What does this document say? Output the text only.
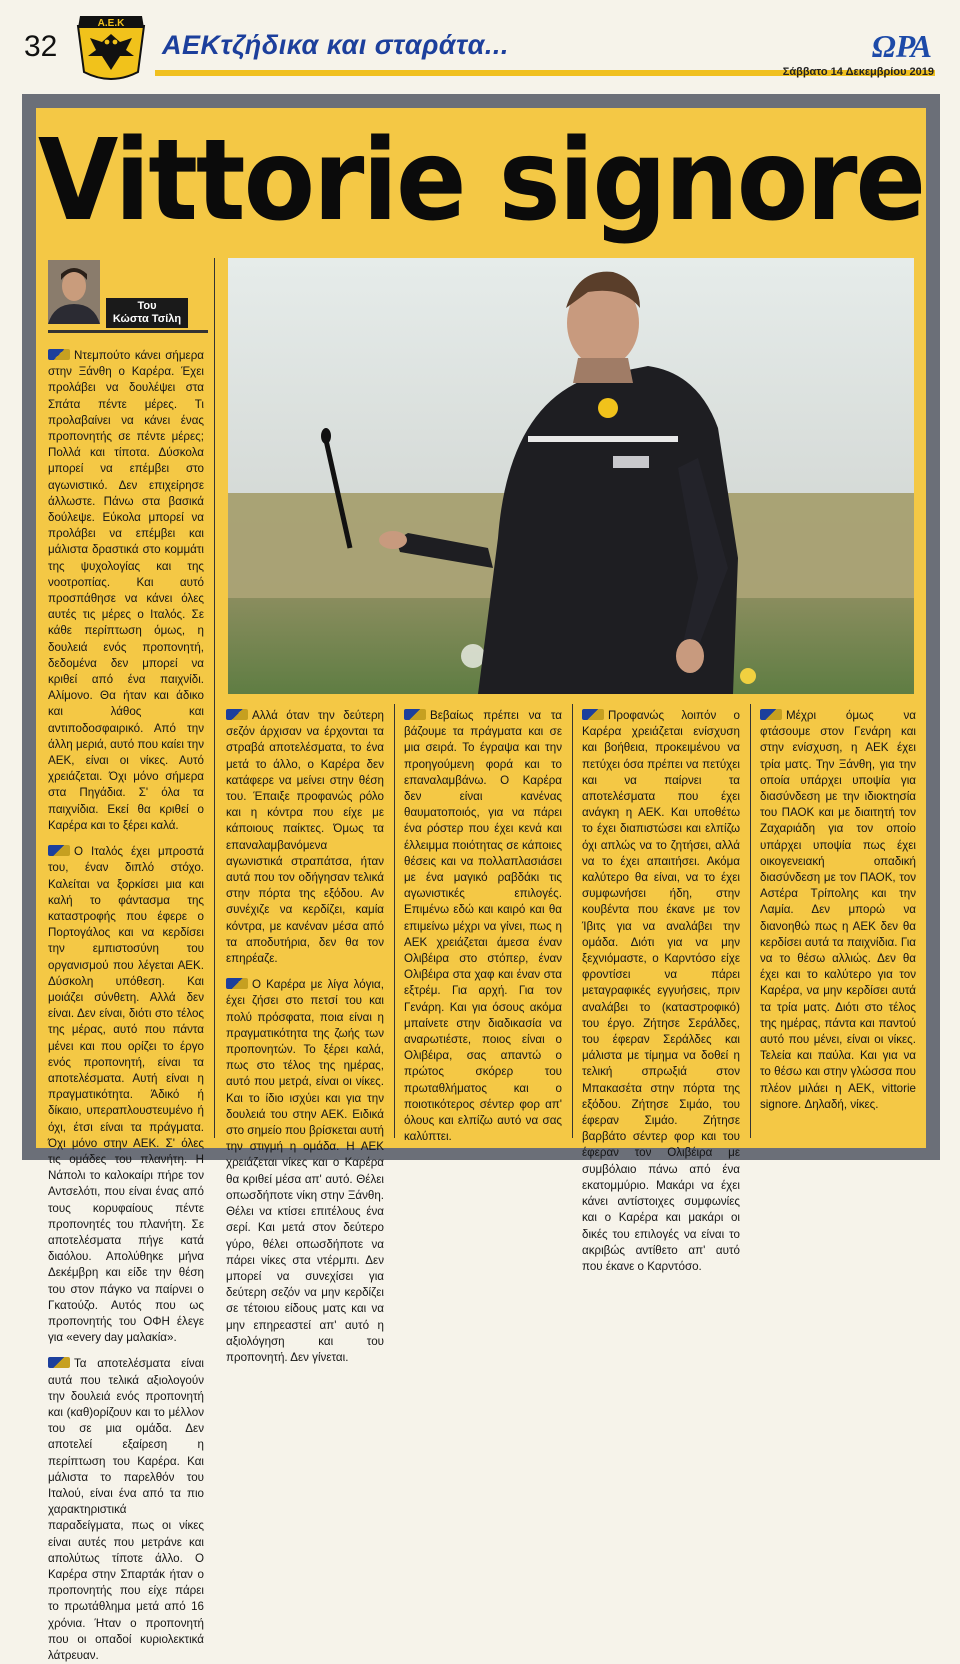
32
Α.Ε.Κ
ΑΕΚτζήδικα και σταράτα...	ΩΡΑ
Σάββατο 14 Δεκεμβρίου 2019
Vittorie signore
Του
Κώστα Τσίλη

Ντεμπούτο κάνει σήμερα στην Ξάνθη ο Καρέρα. Έχει προλάβει να δουλέψει στα Σπάτα πέντε μέρες. Τι προλαβαίνει να κάνει ένας προπονητής σε πέντε μέρες; Πολλά και τίποτα. Δύσκολα μπορεί να επέμβει στο αγωνιστικό. Δεν επιχείρησε άλλωστε. Πάνω στα βασικά δούλεψε. Εύκολα μπορεί να προλάβει να επέμβει και μάλιστα δραστικά στο κομμάτι της ψυχολογίας και της νοοτροπίας. Και αυτό προσπάθησε να κάνει όλες αυτές τις μέρες ο Ιταλός. Σε κάθε περίπτωση όμως, η δουλειά ενός προπονητή, δεδομένα δεν μπορεί να κριθεί από ένα παιχνίδι. Αλίμονο. Θα ήταν και άδικο και λάθος και αντιποδοσφαιρικό. Από την άλλη μεριά, αυτό που καίει την ΑΕΚ, είναι οι νίκες. Αυτό χρειάζεται. Όχι μόνο σήμερα στα Πηγάδια. Σ' όλα τα παιχνίδια. Εκεί θα κριθεί ο Καρέρα και το ξέρει καλά.

Ο Ιταλός έχει μπροστά του, έναν διπλό στόχο. Καλείται να ξορκίσει μια και καλή το φάντασμα της καταστροφής που έφερε ο Πορτογάλος και να κερδίσει την εμπιστοσύνη του οργανισμού που λέγεται ΑΕΚ. Δύσκολη υπόθεση. Και μοιάζει σύνθετη. Αλλά δεν είναι. Δεν είναι, διότι στο τέλος της μέρας, αυτό που πάντα μένει και που ορίζει το έργο ενός προπονητή, είναι τα αποτελέσματα. Αυτή είναι η πραγματικότητα. Άδικό ή δίκαιο, υπεραπλουστευμένο ή όχι, έτσι είναι τα πράγματα. Όχι μόνο στην ΑΕΚ. Σ' όλες τις ομάδες του πλανήτη. Η Νάπολι το καλοκαίρι πήρε τον Αντσελότι, που είναι ένας από τους κορυφαίους πέντε προπονητές του πλανήτη. Σε αποτελέσματα πήγε κατά διαόλου. Απολύθηκε μήνα Δεκέμβρη και είδε την θέση του στον πάγκο να παίρνει ο Γκατούζο. Αυτός που ως προπονητής του ΟΦΗ έλεγε για «every day μαλακία».

Τα αποτελέσματα είναι αυτά που τελικά αξιολογούν την δουλειά ενός προπονητή και (καθ)ορίζουν και το μέλλον του σε μια ομάδα. Δεν αποτελεί εξαίρεση η περίπτωση του Καρέρα. Και μάλιστα το παρελθόν του Ιταλού, είναι ένα από τα πιο χαρακτηριστικά παραδείγματα, πως οι νίκες είναι αυτές που μετράνε και απολύτως τίποτε άλλο. Ο Καρέρα στην Σπαρτάκ ήταν ο προπονητής που είχε πάρει το πρωτάθλημα μετά από 16 χρόνια. Ήταν ο προπονητή που οι οπαδοί κυριολεκτικά λάτρευαν.

Αλλά όταν την δεύτερη σεζόν άρχισαν να έρχονται τα στραβά αποτελέσματα, το ένα μετά το άλλο, ο Καρέρα δεν κατάφερε να μείνει στην θέση του. Έπαιξε προφανώς ρόλο και η κόντρα που είχε με κάποιους παίκτες. Όμως τα επαναλαμβανόμενα αγωνιστικά στραπάτσα, ήταν αυτά που τον οδήγησαν τελικά στην πόρτα της εξόδου. Αν συνέχιζε να κερδίζει, καμία κόντρα, με κανέναν μέσα από τα αποδυτήρια, δεν θα τον επηρέαζε.

Ο Καρέρα με λίγα λόγια, έχει ζήσει στο πετσί του και πολύ πρόσφατα, ποια είναι η πραγματικότητα της ζωής των προπονητών. Το ξέρει καλά, πως στο τέλος της ημέρας, αυτό που μετρά, είναι οι νίκες. Και το ίδιο ισχύει και για την δουλειά του στην ΑΕΚ. Ειδικά στο σημείο που βρίσκεται αυτή την στιγμή η ομάδα. Η ΑΕΚ χρειάζεται νίκες και ο Καρέρα θα κριθεί μέσα απ' αυτό. Θέλει οπωσδήποτε νίκη στην Ξάνθη. Θέλει να κτίσει επιτέλους ένα σερί. Και μετά στον δεύτερο γύρο, θέλει οπωσδήποτε να πάρει νίκες στα ντέρμπι. Δεν μπορεί να συνεχίσει για δεύτερη σεζόν να μην κερδίζει σε τέτοιου είδους ματς και να μην επηρεαστεί απ' αυτό η αξιολόγηση και του προπονητή. Δεν γίνεται.

Βεβαίως πρέπει να τα βάζουμε τα πράγματα και σε μια σειρά. Το έγραψα και την προηγούμενη φορά και το επαναλαμβάνω. Ο Καρέρα δεν είναι κανένας θαυματοποιός, για να πάρει ένα ρόστερ που έχει κενά και έλλειμμα ποιότητας σε κάποιες θέσεις και να πολλαπλασιάσει με ένα μαγικό ραβδάκι τις αγωνιστικές επιλογές. Επιμένω εδώ και καιρό και θα επιμείνω μέχρι να γίνει, πως η ΑΕΚ χρειάζεται άμεσα έναν Ολιβέιρα στο στόπερ, έναν Ολιβέιρα στα χαφ και έναν στα εξτρέμ. Για αρχή. Για τον Γενάρη. Και για όσους ακόμα μπαίνετε στην διαδικασία να αναρωτιέστε, ποιος είναι ο Ολιβέιρα, σας απαντώ ο πρώτος σκόρερ του πρωταθλήματος και ο ποιοτικότερος σέντερ φορ απ' όλους και ελπίζω αυτό να σας καλύπτει.

Προφανώς λοιπόν ο Καρέρα χρειάζεται ενίσχυση και βοήθεια, προκειμένου να πετύχει όσα πρέπει να πετύχει και να παίρνει τα αποτελέσματα που έχει ανάγκη η ΑΕΚ. Και υποθέτω το έχει διαπιστώσει και ελπίζω όχι απλώς να το ζητήσει, αλλά να το έχει απαιτήσει. Ακόμα καλύτερο θα είναι, να το έχει συμφωνήσει ήδη, στην κουβέντα που έκανε με τον Ίβιτς για να αναλάβει την ομάδα. Διότι για να μην ξεχνιόμαστε, ο Καρντόσο είχε φροντίσει να πάρει μεταγραφικές εγγυήσεις, πριν αναλάβει το (καταστροφικό) του έργο. Ζήτησε Σεράλδες, του έφεραν Σεράλδες και μάλιστα με τίμημα να δοθεί η τελική σπρωξιά στον Μπακασέτα στην πόρτα της εξόδου. Ζήτησε Σιμάο, του έφεραν Σιμάο. Ζήτησε βαρβάτο σέντερ φορ και του έφεραν τον Ολιβέιρα με συμβόλαιο πάνω από ένα εκατομμύριο. Μακάρι να έχει κάνει αντίστοιχες συμφωνίες και ο Καρέρα και μακάρι οι δικές του επιλογές να είναι το ακριβώς αντίθετο απ' αυτό που έκανε ο Καρντόσο.

Μέχρι όμως να φτάσουμε στον Γενάρη και στην ενίσχυση, η ΑΕΚ έχει τρία ματς. Την Ξάνθη, για την οποία υπάρχει υποψία για διασύνδεση με την ιδιοκτησία του ΠΑΟΚ και με διαιτητή τον Ζαχαριάδη για τον οποίο υπάρχει υποψία πως έχει οικογενειακή οπαδική διασύνδεση με τον ΠΑΟΚ, τον Αστέρα Τρίπολης και την Λαμία. Δεν μπορώ να διανοηθώ πως η ΑΕΚ δεν θα κερδίσει αυτά τα παιχνίδια. Για να το θέσω αλλιώς. Δεν θα έχει και το καλύτερο για τον Καρέρα, να μην κερδίσει αυτά τα τρία ματς. Διότι στο τέλος της ημέρας, πάντα και παντού αυτό που μένει, είναι οι νίκες. Τελεία και παύλα. Και για να το θέσω και στην γλώσσα που πλέον μιλάει η ΑΕΚ, vittorie signore. Δηλαδή, νίκες.
